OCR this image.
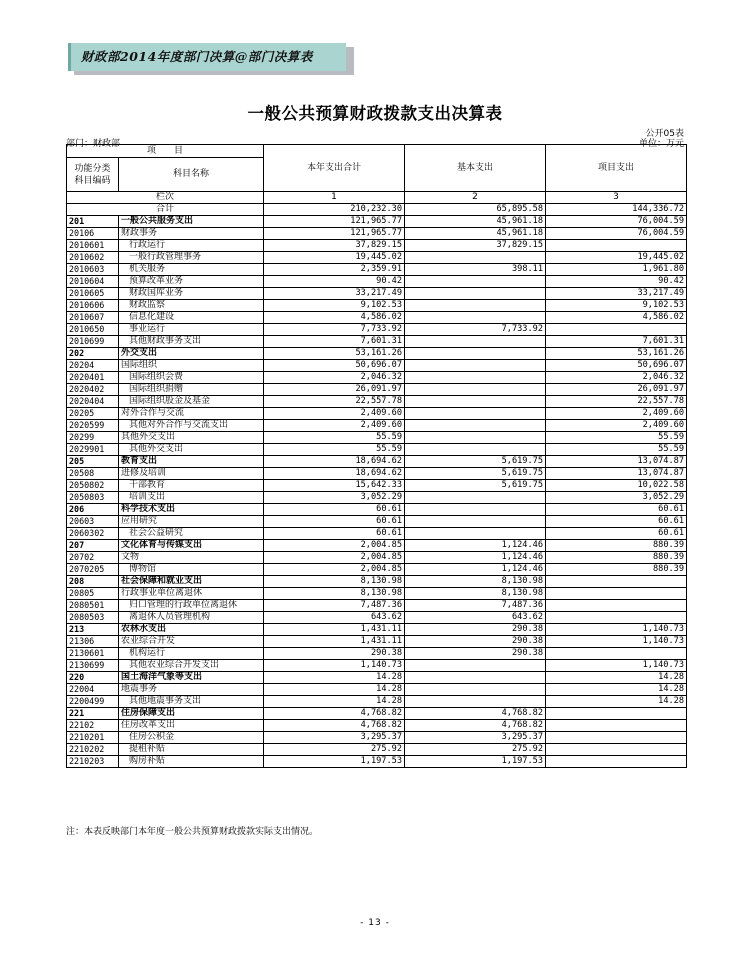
财政部2014年度部门决算@部门决算表
一般公共预算财政拨款支出决算表
公开05表
部门：财政部	单位：万元
项　　目		本年支出合计	基本支出	项目支出
功能分类
科目编码	科目名称			
栏次		1	2	3
合计		210,232.30	65,895.58	144,336.72
201	一般公共服务支出	121,965.77	45,961.18	76,004.59
20106	财政事务	121,965.77	45,961.18	76,004.59
2010601	行政运行	37,829.15	37,829.15	
2010602	一般行政管理事务	19,445.02		19,445.02
2010603	机关服务	2,359.91	398.11	1,961.80
2010604	预算改革业务	90.42		90.42
2010605	财政国库业务	33,217.49		33,217.49
2010606	财政监察	9,102.53		9,102.53
2010607	信息化建设	4,586.02		4,586.02
2010650	事业运行	7,733.92	7,733.92	
2010699	其他财政事务支出	7,601.31		7,601.31
202	外交支出	53,161.26		53,161.26
20204	国际组织	50,696.07		50,696.07
2020401	国际组织会费	2,046.32		2,046.32
2020402	国际组织捐赠	26,091.97		26,091.97
2020404	国际组织股金及基金	22,557.78		22,557.78
20205	对外合作与交流	2,409.60		2,409.60
2020599	其他对外合作与交流支出	2,409.60		2,409.60
20299	其他外交支出	55.59		55.59
2029901	其他外交支出	55.59		55.59
205	教育支出	18,694.62	5,619.75	13,074.87
20508	进修及培训	18,694.62	5,619.75	13,074.87
2050802	干部教育	15,642.33	5,619.75	10,022.58
2050803	培训支出	3,052.29		3,052.29
206	科学技术支出	60.61		60.61
20603	应用研究	60.61		60.61
2060302	社会公益研究	60.61		60.61
207	文化体育与传媒支出	2,004.85	1,124.46	880.39
20702	文物	2,004.85	1,124.46	880.39
2070205	博物馆	2,004.85	1,124.46	880.39
208	社会保障和就业支出	8,130.98	8,130.98	
20805	行政事业单位离退休	8,130.98	8,130.98	
2080501	归口管理的行政单位离退休	7,487.36	7,487.36	
2080503	离退休人员管理机构	643.62	643.62	
213	农林水支出	1,431.11	290.38	1,140.73
21306	农业综合开发	1,431.11	290.38	1,140.73
2130601	机构运行	290.38	290.38	
2130699	其他农业综合开发支出	1,140.73		1,140.73
220	国土海洋气象等支出	14.28		14.28
22004	地震事务	14.28		14.28
2200499	其他地震事务支出	14.28		14.28
221	住房保障支出	4,768.82	4,768.82	
22102	住房改革支出	4,768.82	4,768.82	
2210201	住房公积金	3,295.37	3,295.37	
2210202	提租补贴	275.92	275.92	
2210203	购房补贴	1,197.53	1,197.53	
注：本表反映部门本年度一般公共预算财政拨款实际支出情况。
- 13 -
